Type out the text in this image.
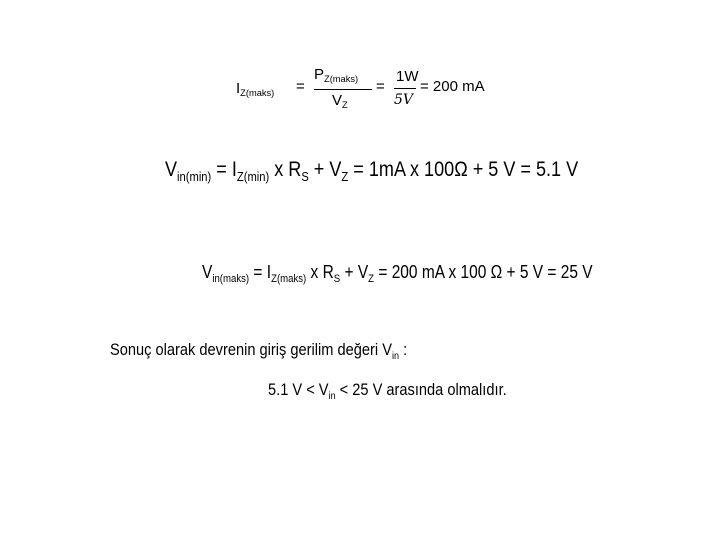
$I_{Z(maks)}$ =
$P_{Z(maks)}$
$V_Z$
=
1W
5V
= 200 mA
$V_{in(min)} = I_{Z(min)}$ x $R_S + V_Z = 1mA$ x 100Ω + 5 V = 5.1 V
$V_{in(maks)} = I_{Z(maks)}$ x $R_S + V_Z = 200$ mA x 100 Ω + 5 V = 25 V
Sonuç olarak devrenin giriş gerilim değeri $V_{in}$ :
5.1 $V < V_{in} < 25$ V arasında olmalıdır.
